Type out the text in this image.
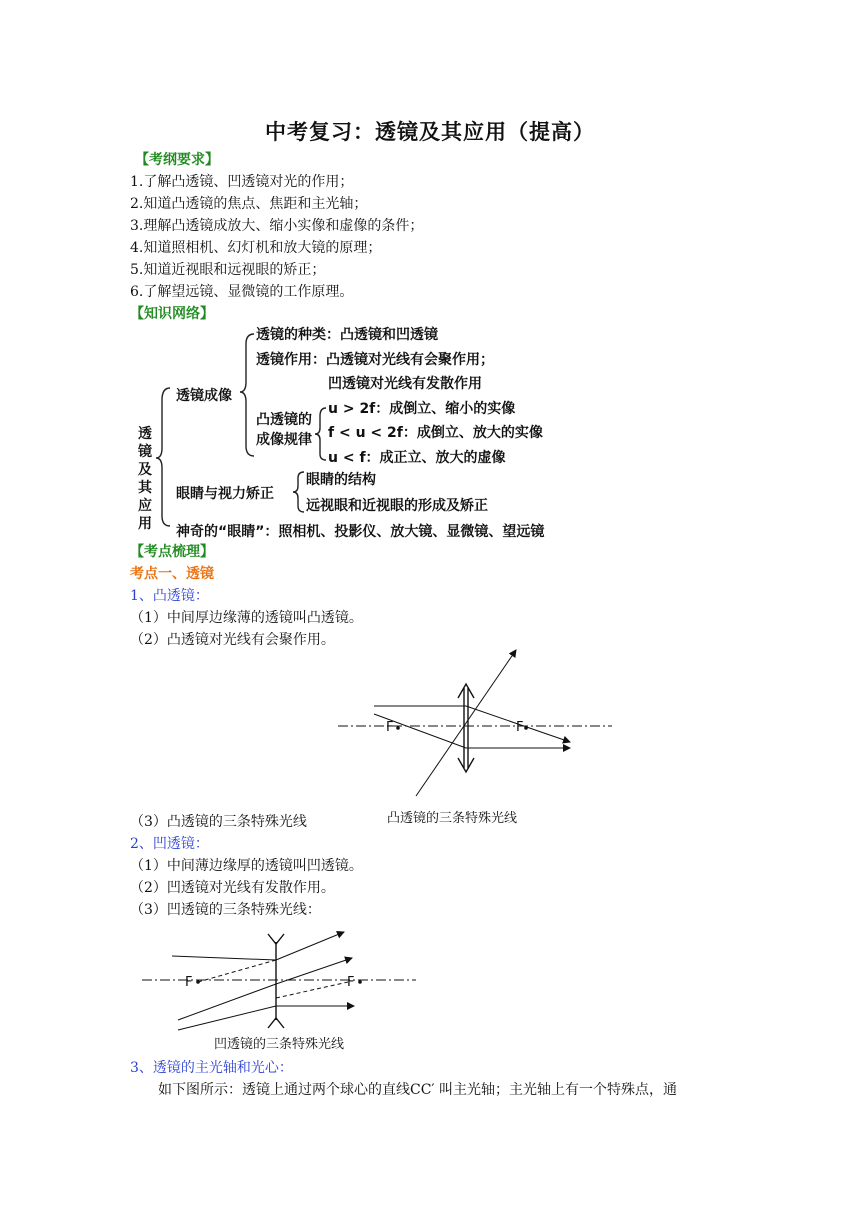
中考复习：透镜及其应用（提高）
【考纲要求】
1.了解凸透镜、凹透镜对光的作用；
2.知道凸透镜的焦点、焦距和主光轴；
3.理解凸透镜成放大、缩小实像和虚像的条件；
4.知道照相机、幻灯机和放大镜的原理；
5.知道近视眼和远视眼的矫正；
6.了解望远镜、显微镜的工作原理。
【知识网络】
透
镜
及
其
应
用
透镜成像
透镜的种类：凸透镜和凹透镜
透镜作用：凸透镜对光线有会聚作用；
凹透镜对光线有发散作用
凸透镜的
成像规律
u > 2f：成倒立、缩小的实像
f < u < 2f：成倒立、放大的实像
u < f：成正立、放大的虚像
眼睛与视力矫正
眼睛的结构
远视眼和近视眼的形成及矫正
神奇的“眼睛”：照相机、投影仪、放大镜、显微镜、望远镜
【考点梳理】
考点一、透镜
1、凸透镜：
（1）中间厚边缘薄的透镜叫凸透镜。
（2）凸透镜对光线有会聚作用。
F	F
凸透镜的三条特殊光线
（3）凸透镜的三条特殊光线
2、凹透镜：
（1）中间薄边缘厚的透镜叫凹透镜。
（2）凹透镜对光线有发散作用。
（3）凹透镜的三条特殊光线：
F	F
凹透镜的三条特殊光线
3、透镜的主光轴和光心：
如下图所示：透镜上通过两个球心的直线CC′ 叫主光轴；主光轴上有一个特殊点，通
